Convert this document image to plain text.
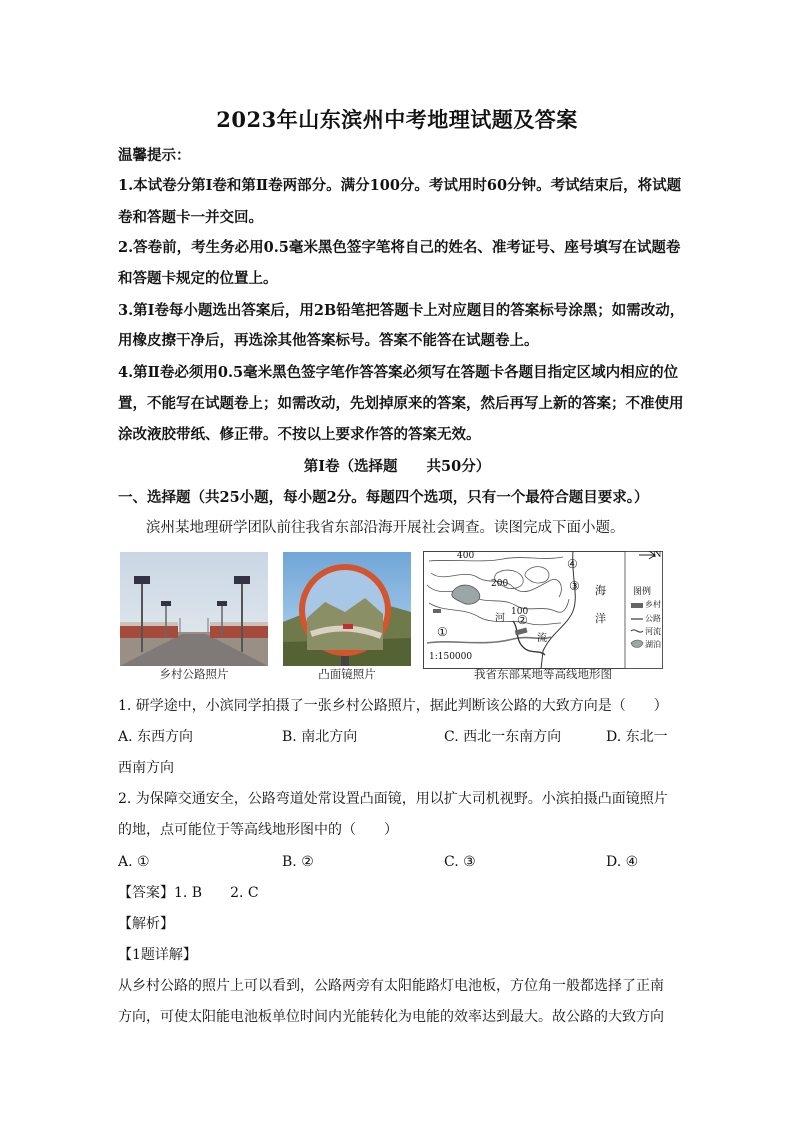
2023年山东滨州中考地理试题及答案
温馨提示：
1.本试卷分第Ⅰ卷和第Ⅱ卷两部分。满分100分。考试用时60分钟。考试结束后，将试题
卷和答题卡一并交回。
2.答卷前，考生务必用0.5毫米黑色签字笔将自己的姓名、准考证号、座号填写在试题卷
和答题卡规定的位置上。
3.第Ⅰ卷每小题选出答案后，用2B铅笔把答题卡上对应题目的答案标号涂黑；如需改动，
用橡皮擦干净后，再选涂其他答案标号。答案不能答在试题卷上。
4.第Ⅱ卷必须用0.5毫米黑色签字笔作答答案必须写在答题卡各题目指定区域内相应的位
置，不能写在试题卷上；如需改动，先划掉原来的答案，然后再写上新的答案；不准使用
涂改液胶带纸、修正带。不按以上要求作答的答案无效。
第Ⅰ卷（选择题　　共50分）
一、选择题（共25小题，每小题2分。每题四个选项，只有一个最符合题目要求。）
滨州某地理研学团队前往我省东部沿海开展社会调查。读图完成下面小题。
乡村公路照片	凸面镜照片
400
200
100
①
②
③
④
N
海
洋
河
流
1:150000
图例
乡村
公路
河流
湖泊
我省东部某地等高线地形图
1. 研学途中，小滨同学拍摄了一张乡村公路照片，据此判断该公路的大致方向是（　　）
A. 东西方向	B. 南北方向	C. 西北一东南方向	D. 东北一
西南方向
2. 为保障交通安全，公路弯道处常设置凸面镜，用以扩大司机视野。小滨拍摄凸面镜照片
的地，点可能位于等高线地形图中的（　　）
A. ①	B. ②	C. ③	D. ④
【答案】1. B　　2. C
【解析】
【1题详解】
从乡村公路的照片上可以看到，公路两旁有太阳能路灯电池板，方位角一般都选择了正南
方向，可使太阳能电池板单位时间内光能转化为电能的效率达到最大。故公路的大致方向
